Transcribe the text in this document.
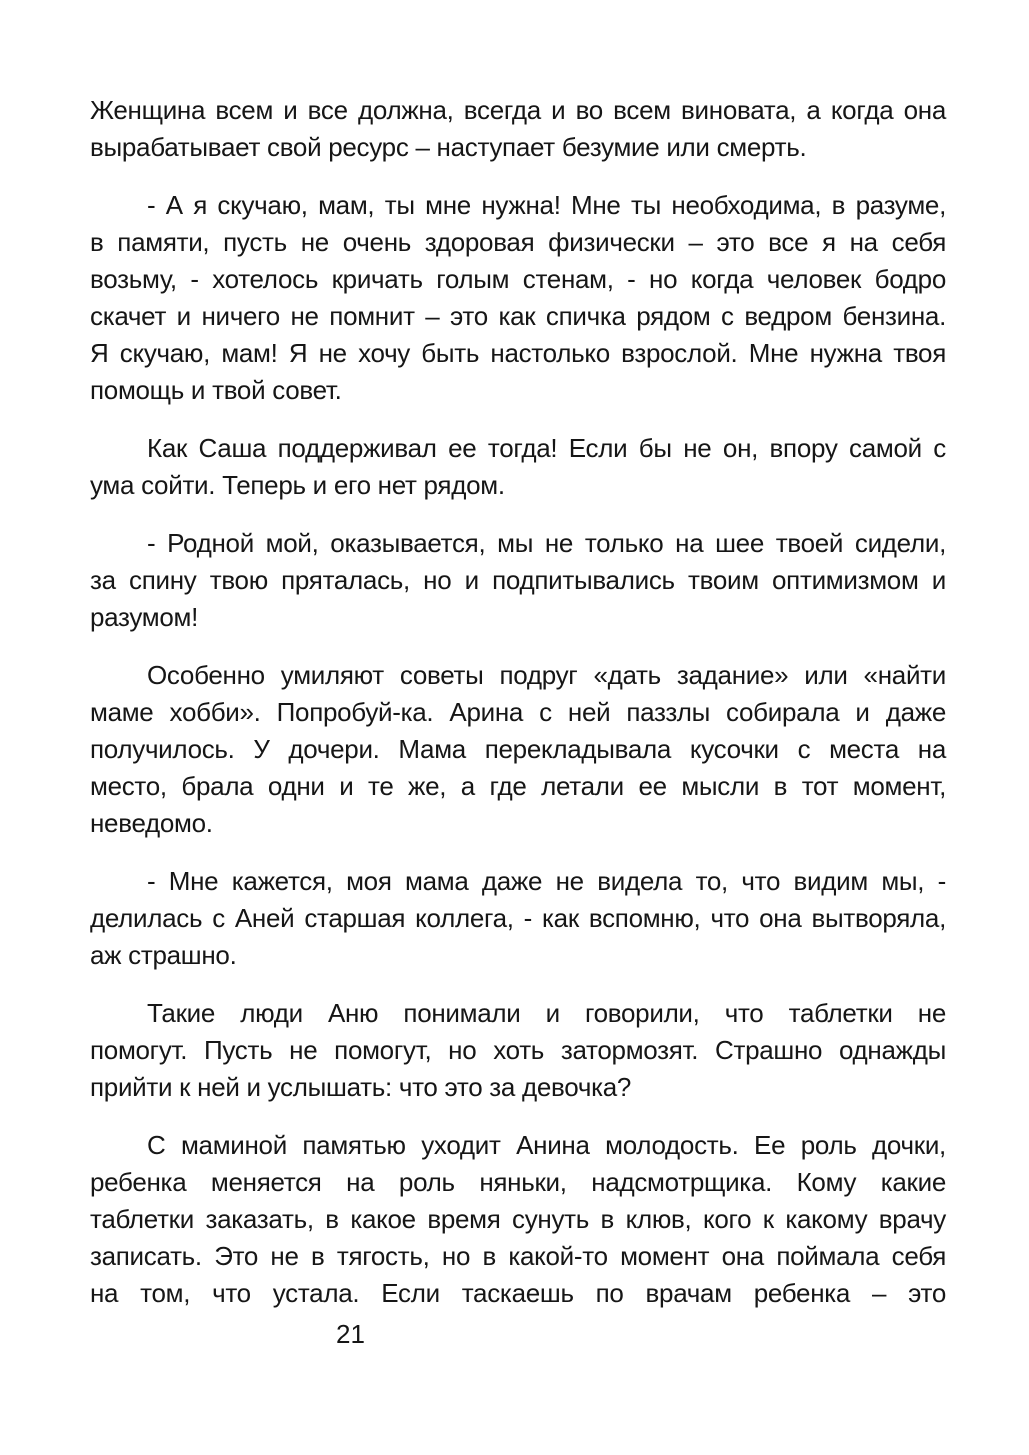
Женщина всем и все должна, всегда и во всем виновата, а когда она
вырабатывает свой ресурс – наступает безумие или смерть.
- А я скучаю, мам, ты мне нужна! Мне ты необходима, в разуме,
в памяти, пусть не очень здоровая физически – это все я на себя
возьму, - хотелось кричать голым стенам, - но когда человек бодро
скачет и ничего не помнит – это как спичка рядом с ведром бензина.
Я скучаю, мам! Я не хочу быть настолько взрослой. Мне нужна твоя
помощь и твой совет.
Как Саша поддерживал ее тогда! Если бы не он, впору самой с
ума сойти. Теперь и его нет рядом.
- Родной мой, оказывается, мы не только на шее твоей сидели,
за спину твою пряталась, но и подпитывались твоим оптимизмом и
разумом!
Особенно умиляют советы подруг «дать задание» или «найти
маме хобби». Попробуй-ка. Арина с ней паззлы собирала и даже
получилось. У дочери. Мама перекладывала кусочки с места на
место, брала одни и те же, а где летали ее мысли в тот момент,
неведомо.
- Мне кажется, моя мама даже не видела то, что видим мы, -
делилась с Аней старшая коллега, - как вспомню, что она вытворяла,
аж страшно.
Такие люди Аню понимали и говорили, что таблетки не
помогут. Пусть не помогут, но хоть затормозят. Страшно однажды
прийти к ней и услышать: что это за девочка?
С маминой памятью уходит Анина молодость. Ее роль дочки,
ребенка меняется на роль няньки, надсмотрщика. Кому какие
таблетки заказать, в какое время сунуть в клюв, кого к какому врачу
записать. Это не в тягость, но в какой-то момент она поймала себя
на том, что устала. Если таскаешь по врачам ребенка – это
21
